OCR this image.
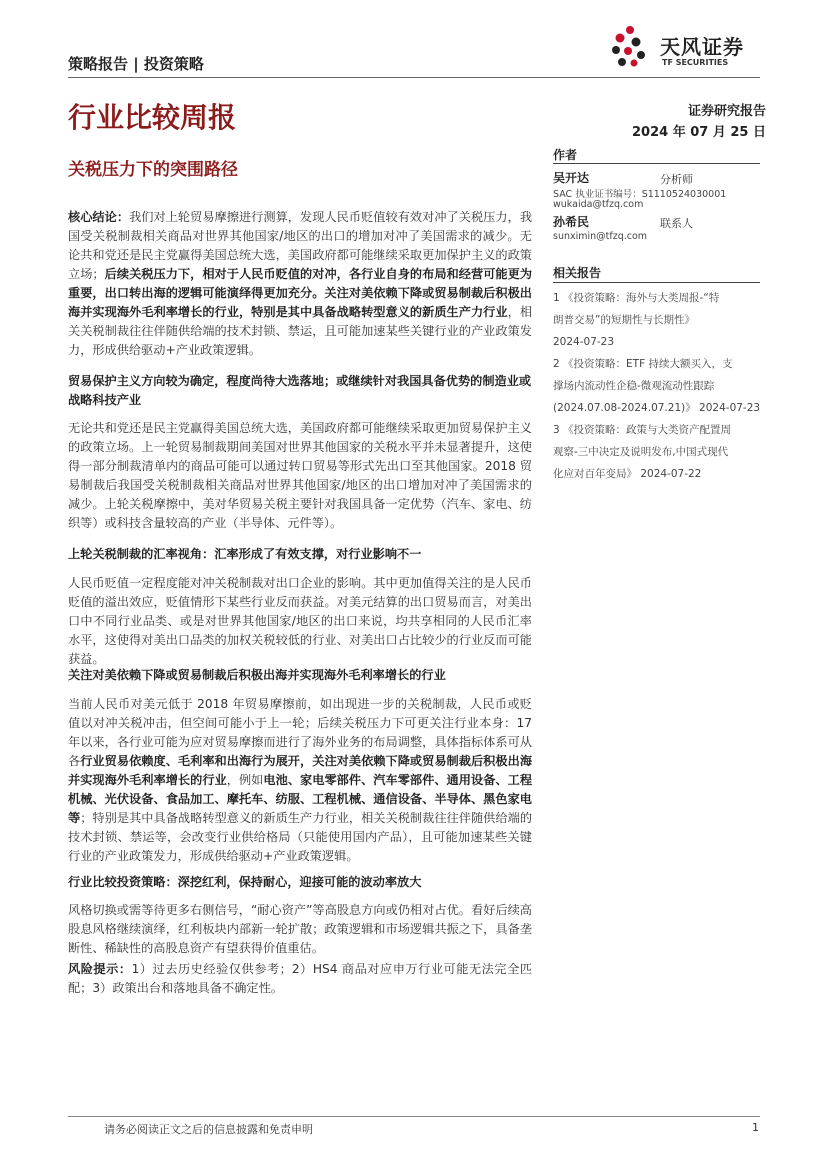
策略报告 | 投资策略
天风证券
TF SECURITIES
行业比较周报
关税压力下的突围路径
证券研究报告
2024 年 07 月 25 日
作者
吴开达	分析师
SAC 执业证书编号：S1110524030001
wukaida@tfzq.com
孙希民	联系人
sunximin@tfzq.com
相关报告
1 《投资策略：海外与大类周报-“特
朗普交易”的短期性与长期性》
2024-07-23
2 《投资策略：ETF 持续大额买入，支
撑场内流动性企稳-微观流动性跟踪
(2024.07.08-2024.07.21)》 2024-07-23
3 《投资策略：政策与大类资产配置周
观察-三中决定及说明发布,中国式现代
化应对百年变局》 2024-07-22
核心结论：我们对上轮贸易摩擦进行测算，发现人民币贬值较有效对冲了关税压力，我国受关税制裁相关商品对世界其他国家/地区的出口的增加对冲了美国需求的减少。无论共和党还是民主党赢得美国总统大选，美国政府都可能继续采取更加保护主义的政策立场；后续关税压力下，相对于人民币贬值的对冲，各行业自身的布局和经营可能更为重要，出口转出海的逻辑可能演绎得更加充分。关注对美依赖下降或贸易制裁后积极出海并实现海外毛利率增长的行业，特别是其中具备战略转型意义的新质生产力行业，相关关税制裁往往伴随供给端的技术封锁、禁运，且可能加速某些关键行业的产业政策发力，形成供给驱动+产业政策逻辑。
贸易保护主义方向较为确定，程度尚待大选落地；或继续针对我国具备优势的制造业或战略科技产业
无论共和党还是民主党赢得美国总统大选，美国政府都可能继续采取更加贸易保护主义的政策立场。上一轮贸易制裁期间美国对世界其他国家的关税水平并未显著提升，这使得一部分制裁清单内的商品可能可以通过转口贸易等形式先出口至其他国家。2018 贸易制裁后我国受关税制裁相关商品对世界其他国家/地区的出口增加对冲了美国需求的减少。上轮关税摩擦中，美对华贸易关税主要针对我国具备一定优势（汽车、家电、纺织等）或科技含量较高的产业（半导体、元件等）。
上轮关税制裁的汇率视角：汇率形成了有效支撑，对行业影响不一
人民币贬值一定程度能对冲关税制裁对出口企业的影响。其中更加值得关注的是人民币贬值的溢出效应，贬值情形下某些行业反而获益。对美元结算的出口贸易而言，对美出口中不同行业品类、或是对世界其他国家/地区的出口来说，均共享相同的人民币汇率水平，这使得对美出口品类的加权关税较低的行业、对美出口占比较少的行业反而可能获益。
关注对美依赖下降或贸易制裁后积极出海并实现海外毛利率增长的行业
当前人民币对美元低于 2018 年贸易摩擦前，如出现进一步的关税制裁，人民币或贬值以对冲关税冲击，但空间可能小于上一轮；后续关税压力下可更关注行业本身：17 年以来，各行业可能为应对贸易摩擦而进行了海外业务的布局调整，具体指标体系可从各行业贸易依赖度、毛利率和出海行为展开，关注对美依赖下降或贸易制裁后积极出海并实现海外毛利率增长的行业，例如电池、家电零部件、汽车零部件、通用设备、工程机械、光伏设备、食品加工、摩托车、纺服、工程机械、通信设备、半导体、黑色家电等；特别是其中具备战略转型意义的新质生产力行业，相关关税制裁往往伴随供给端的技术封锁、禁运等，会改变行业供给格局（只能使用国内产品），且可能加速某些关键行业的产业政策发力，形成供给驱动+产业政策逻辑。
行业比较投资策略：深挖红利，保持耐心，迎接可能的波动率放大
风格切换或需等待更多右侧信号，“耐心资产”等高股息方向或仍相对占优。看好后续高股息风格继续演绎，红利板块内部新一轮扩散；政策逻辑和市场逻辑共振之下，具备垄断性、稀缺性的高股息资产有望获得价值重估。
风险提示：1）过去历史经验仅供参考；2）HS4 商品对应申万行业可能无法完全匹配；3）政策出台和落地具备不确定性。
请务必阅读正文之后的信息披露和免责申明	1
